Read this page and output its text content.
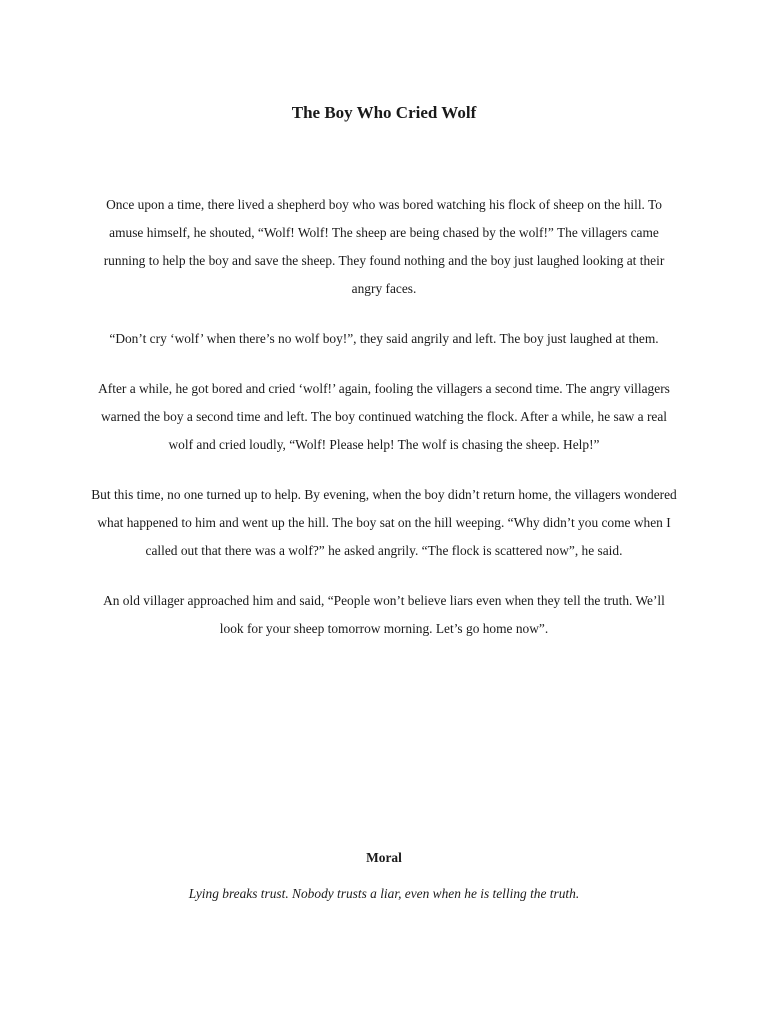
The Boy Who Cried Wolf

Once upon a time, there lived a shepherd boy who was bored watching his flock of sheep on the hill. To amuse himself, he shouted, “Wolf! Wolf! The sheep are being chased by the wolf!” The villagers came running to help the boy and save the sheep. They found nothing and the boy just laughed looking at their angry faces.

“Don’t cry ‘wolf’ when there’s no wolf boy!”, they said angrily and left. The boy just laughed at them.

After a while, he got bored and cried ‘wolf!’ again, fooling the villagers a second time. The angry villagers warned the boy a second time and left. The boy continued watching the flock. After a while, he saw a real wolf and cried loudly, “Wolf! Please help! The wolf is chasing the sheep. Help!”

But this time, no one turned up to help. By evening, when the boy didn’t return home, the villagers wondered what happened to him and went up the hill. The boy sat on the hill weeping. “Why didn’t you come when I called out that there was a wolf?” he asked angrily. “The flock is scattered now”, he said.

An old villager approached him and said, “People won’t believe liars even when they tell the truth. We’ll look for your sheep tomorrow morning. Let’s go home now”.

Moral
Lying breaks trust. Nobody trusts a liar, even when he is telling the truth.
